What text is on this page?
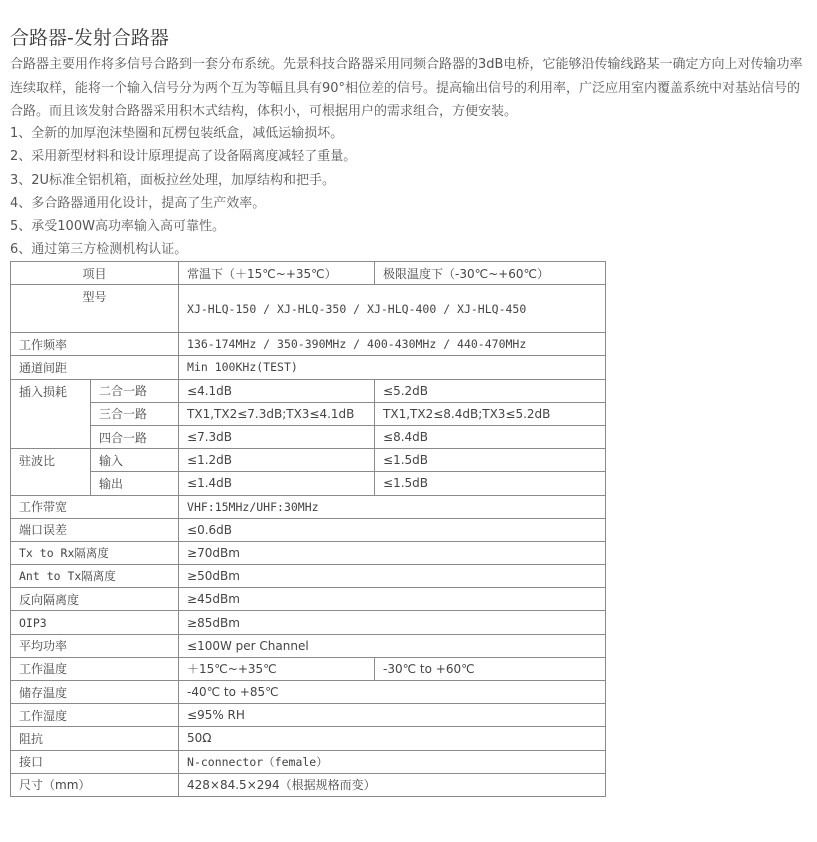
合路器-发射合路器
合路器主要用作将多信号合路到一套分布系统。先景科技合路器采用同频合路器的3dB电桥，它能够沿传输线路某一确定方向上对传输功率连续取样，能将一个输入信号分为两个互为等幅且具有90°相位差的信号。提高输出信号的利用率，广泛应用室内覆盖系统中对基站信号的合路。而且该发射合路器采用积木式结构，体积小，可根据用户的需求组合，方便安装。
1、全新的加厚泡沫垫圈和瓦楞包装纸盒，减低运输损坏。
2、采用新型材料和设计原理提高了设备隔离度减轻了重量。
3、2U标准全铝机箱，面板拉丝处理，加厚结构和把手。
4、多合路器通用化设计，提高了生产效率。
5、承受100W高功率输入高可靠性。
6、通过第三方检测机构认证。
项目		常温下（＋15℃~+35℃）	极限温度下（-30℃~+60℃）
型号		XJ-HLQ-150 / XJ-HLQ-350 / XJ-HLQ-400 / XJ-HLQ-450	
工作频率		136-174MHz / 350-390MHz / 400-430MHz / 440-470MHz	
通道间距		Min 100KHz(TEST)	
插入损耗	二合一路	≤4.1dB	≤5.2dB
	三合一路	TX1,TX2≤7.3dB;TX3≤4.1dB	TX1,TX2≤8.4dB;TX3≤5.2dB
	四合一路	≤7.3dB	≤8.4dB
驻波比	输入	≤1.2dB	≤1.5dB
	输出	≤1.4dB	≤1.5dB
工作带宽		VHF:15MHz/UHF:30MHz	
端口误差		≤0.6dB	
Tx to Rx隔离度		≥70dBm	
Ant to Tx隔离度		≥50dBm	
反向隔离度		≥45dBm	
OIP3		≥85dBm	
平均功率		≤100W per Channel	
工作温度		＋15℃~+35℃	-30℃ to +60℃
储存温度		-40℃ to +85℃	
工作湿度		≤95% RH	
阻抗		50Ω	
接口		N-connector（female）	
尺寸（mm）		428×84.5×294（根据规格而变）	
